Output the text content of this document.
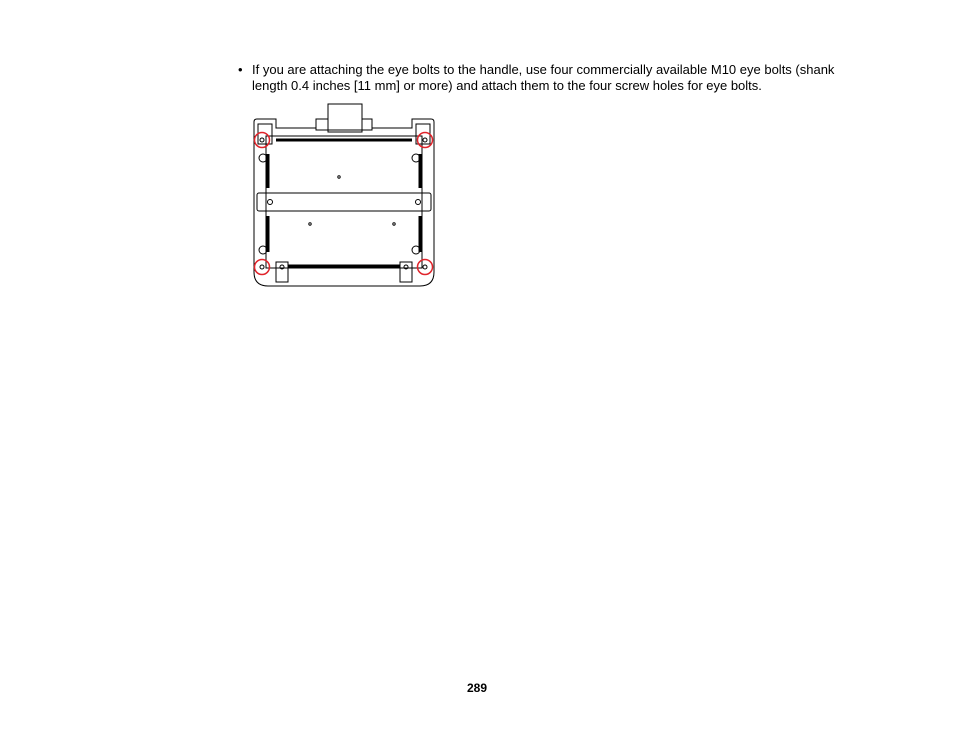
• If you are attaching the eye bolts to the handle, use four commercially available M10 eye bolts (shank length 0.4 inches [11 mm] or more) and attach them to the four screw holes for eye bolts.
289
